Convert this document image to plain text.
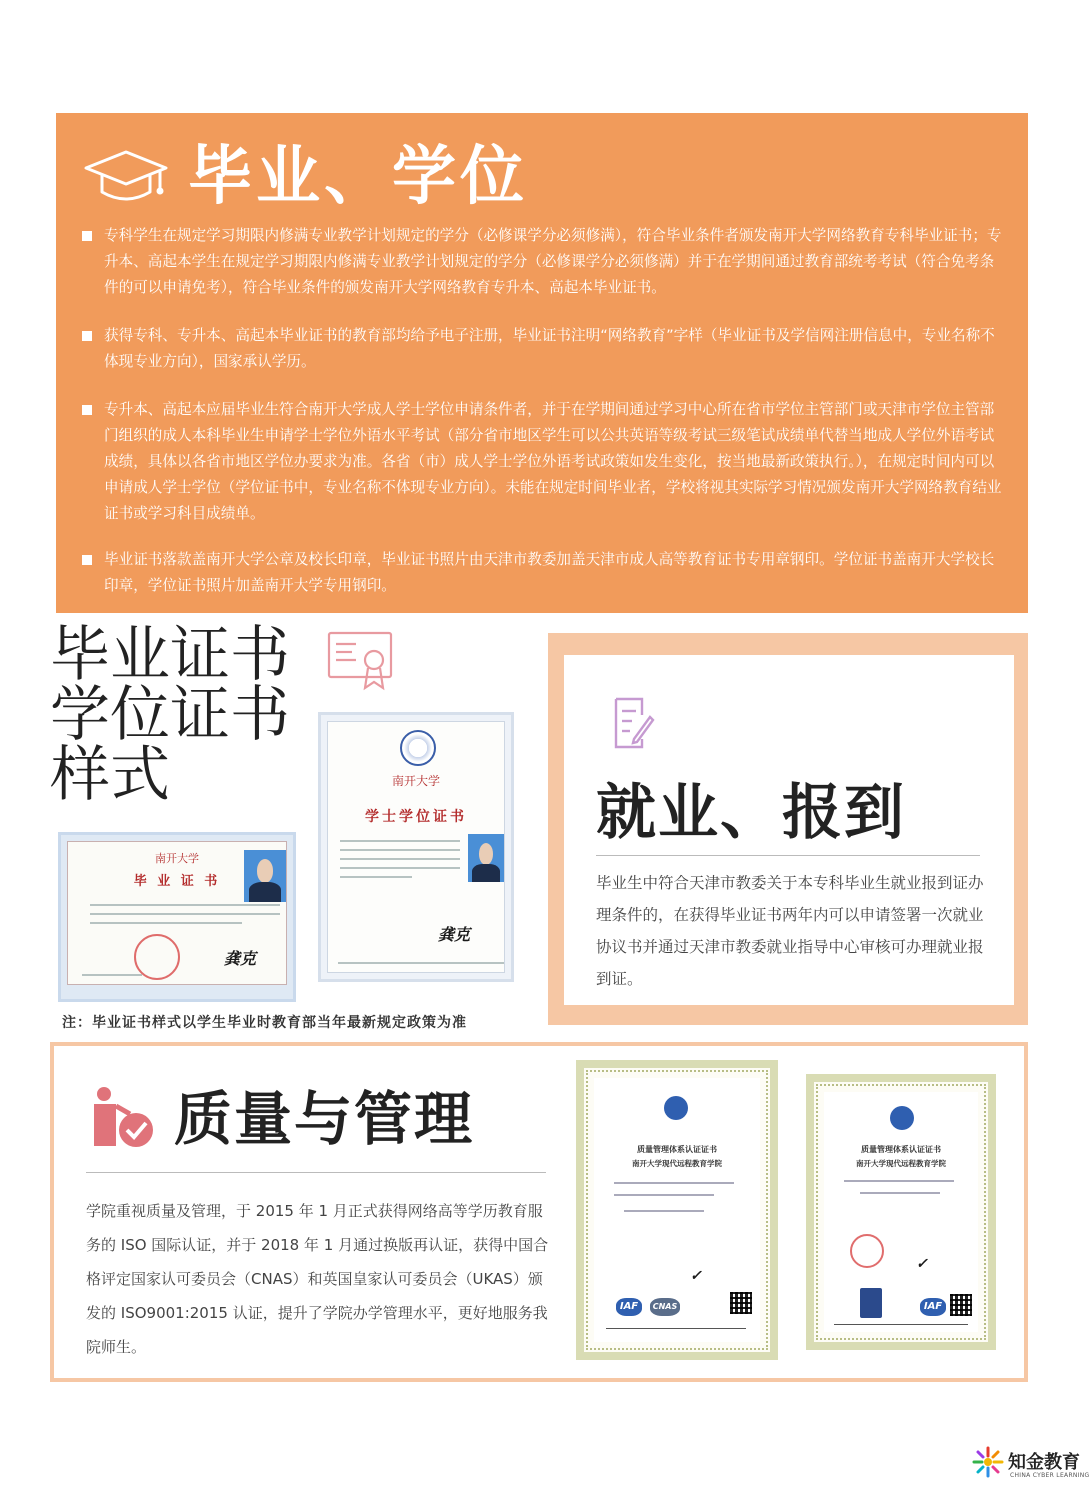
毕业、学位
专科学生在规定学习期限内修满专业教学计划规定的学分（必修课学分必须修满），符合毕业条件者颁发南开大学网络教育专科毕业证书；专升本、高起本学生在规定学习期限内修满专业教学计划规定的学分（必修课学分必须修满）并于在学期间通过教育部统考考试（符合免考条件的可以申请免考），符合毕业条件的颁发南开大学网络教育专升本、高起本毕业证书。
获得专科、专升本、高起本毕业证书的教育部均给予电子注册，毕业证书注明“网络教育”字样（毕业证书及学信网注册信息中，专业名称不体现专业方向），国家承认学历。
专升本、高起本应届毕业生符合南开大学成人学士学位申请条件者，并于在学期间通过学习中心所在省市学位主管部门或天津市学位主管部门组织的成人本科毕业生申请学士学位外语水平考试（部分省市地区学生可以公共英语等级考试三级笔试成绩单代替当地成人学位外语考试成绩，具体以各省市地区学位办要求为准。各省（市）成人学士学位外语考试政策如发生变化，按当地最新政策执行。），在规定时间内可以申请成人学士学位（学位证书中，专业名称不体现专业方向）。未能在规定时间毕业者，学校将视其实际学习情况颁发南开大学网络教育结业证书或学习科目成绩单。
毕业证书落款盖南开大学公章及校长印章，毕业证书照片由天津市教委加盖天津市成人高等教育证书专用章钢印。学位证书盖南开大学校长印章，学位证书照片加盖南开大学专用钢印。
毕业证书
学位证书
样式
南开大学
毕 业 证 书
龚克
南开大学
学士学位证书
龚克

注：毕业证书样式以学生毕业时教育部当年最新规定政策为准

就业、报到

毕业生中符合天津市教委关于本专科毕业生就业报到证办理条件的，在获得毕业证书两年内可以申请签署一次就业协议书并通过天津市教委就业指导中心审核可办理就业报到证。

质量与管理

学院重视质量及管理，于 2015 年 1 月正式获得网络高等学历教育服务的 ISO 国际认证，并于 2018 年 1 月通过换版再认证，获得中国合格评定国家认可委员会（CNAS）和英国皇家认可委员会（UKAS）颁发的 ISO9001:2015 认证，提升了学院办学管理水平，更好地服务我院师生。

质量管理体系认证证书
南开大学现代远程教育学院
✓
IAF	CNAS
质量管理体系认证证书
南开大学现代远程教育学院
✓
IAF
知金教育
CHINA CYBER LEARNING
